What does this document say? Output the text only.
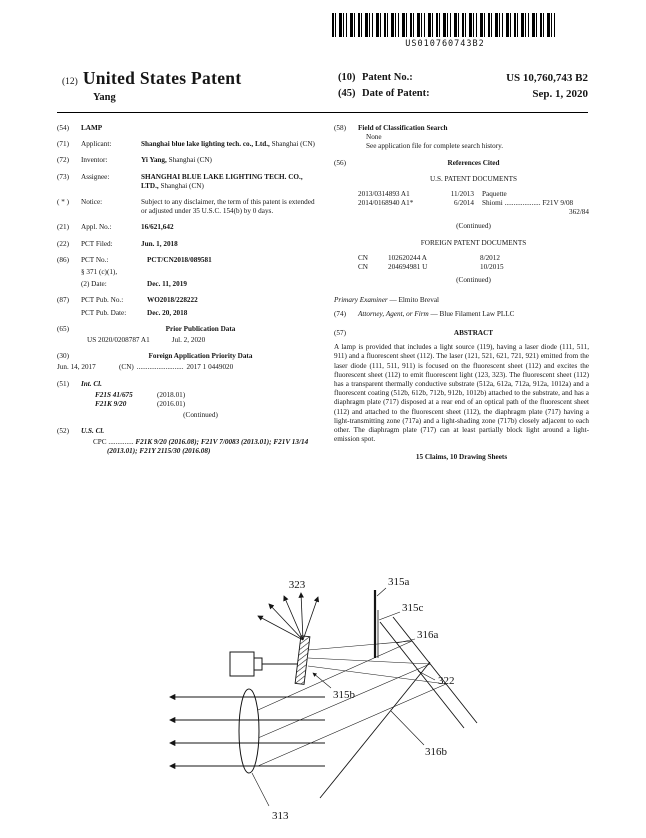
US010760743B2
(12) United States Patent
Yang
(10) Patent No.:	US 10,760,743 B2
(45) Date of Patent:	Sep. 1, 2020
(54)	LAMP
(71)	Applicant:	Shanghai blue lake lighting tech. co., Ltd., Shanghai (CN)
(72)	Inventor:	Yi Yang, Shanghai (CN)
(73)	Assignee:	SHANGHAI BLUE LAKE LIGHTING TECH. CO., LTD., Shanghai (CN)
( * )	Notice:	Subject to any disclaimer, the term of this patent is extended or adjusted under 35 U.S.C. 154(b) by 0 days.
(21)	Appl. No.:	16/621,642
(22)	PCT Filed:	Jun. 1, 2018
(86)	PCT No.:	PCT/CN2018/089581
§ 371 (c)(1),
(2) Date:	Dec. 11, 2019
(87)	PCT Pub. No.:	WO2018/228222
PCT Pub. Date:	Dec. 20, 2018
(65)	Prior Publication Data
US 2020/0208787 A1	Jul. 2, 2020
(30)	Foreign Application Priority Data
Jun. 14, 2017	(CN) .......................... 2017 1 0449020
(51)	Int. Cl.
F21S 41/675	(2018.01)
F21K 9/20	(2016.01)
(Continued)
(52)	U.S. Cl.
CPC .............. F21K 9/20 (2016.08); F21V 7/0083 (2013.01); F21V 13/14 (2013.01); F21Y 2115/30 (2016.08)
(58)	Field of Classification Search
None
See application file for complete search history.
(56)	References Cited
U.S. PATENT DOCUMENTS
2013/0314893 A1	11/2013 Paquette
2014/0168940 A1*	6/2014 Shiomi .................... F21V 9/08
362/84
(Continued)
FOREIGN PATENT DOCUMENTS
CN	102620244 A	8/2012
CN	204694981 U	10/2015
(Continued)
Primary Examiner — Elmito Breval
(74)	Attorney, Agent, or Firm — Blue Filament Law PLLC
(57)	ABSTRACT
A lamp is provided that includes a light source (119), having a laser diode (111, 511, 911) and a fluorescent sheet (112). The laser (121, 521, 621, 721, 921) emitted from the laser diode (111, 511, 911) is focused on the fluorescent sheet (112) and excites the fluorescent sheet (112) to emit fluorescent light (123, 323). The fluorescent sheet (112) has a transparent thermally conductive substrate (512a, 612a, 712a, 912a, 1012a) and a fluorescent coating (512b, 612b, 712b, 912b, 1012b) attached to the substrate, and has a diaphragm plate (717) disposed at a rear end of an optical path of the fluorescent sheet (112) and attached to the fluorescent sheet (112), the diaphragm plate (717) having a light-transmitting zone (717a) and a light-shading zone (717b) closely adjacent to each other. The diaphragm plate (717) can at least partially block light around a light-emission spot.
15 Claims, 10 Drawing Sheets
323	315a
315c
316a
315b
322
316b
313
